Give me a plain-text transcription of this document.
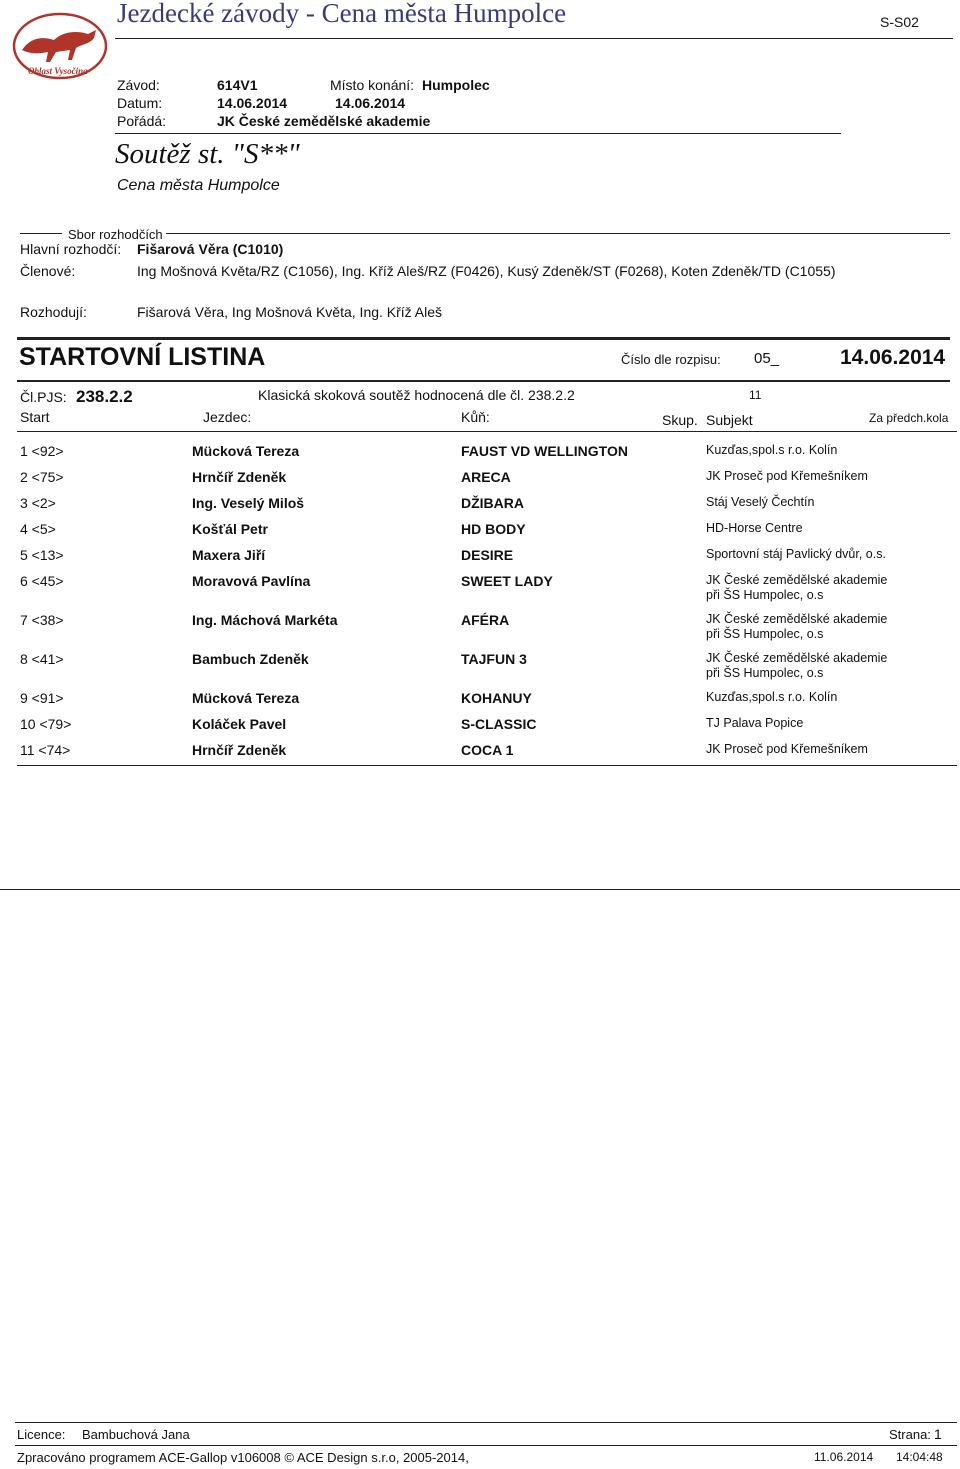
Oblast Vysočina
Jezdecké závody - Cena města Humpolce	S-S02
Závod:	614V1	Místo konání: Humpolec
Datum:	14.06.2014	14.06.2014
Pořádá:	JK České zemědělské akademie
Soutěž st. "S**"
Cena města Humpolce
Sbor rozhodčích
Hlavní rozhodčí: Fišarová Věra (C1010)
Členové:	Ing Mošnová Květa/RZ (C1056), Ing. Kříž Aleš/RZ (F0426), Kusý Zdeněk/ST (F0268), Koten Zdeněk/TD (C1055)
Rozhodují:	Fišarová Věra, Ing Mošnová Květa, Ing. Kříž Aleš
STARTOVNÍ LISTINA	Číslo dle rozpisu: 05_	14.06.2014
Čl.PJS: 238.2.2	Klasická skoková soutěž hodnocená dle čl. 238.2.2	11
Start	Jezdec:	Kůň:	Skup. Subjekt	Za předch.kola
1 <92>	Mücková Tereza	FAUST VD WELLINGTON	Kuzďas,spol.s r.o. Kolín
2 <75>	Hrnčíř Zdeněk	ARECA	JK Proseč pod Křemešníkem
3 <2>	Ing. Veselý Miloš	DŽIBARA	Stáj Veselý Čechtín
4 <5>	Košťál Petr	HD BODY	HD-Horse Centre
5 <13>	Maxera Jiří	DESIRE	Sportovní stáj Pavlický dvůr, o.s.
6 <45>	Moravová Pavlína	SWEET LADY	JK České zemědělské akademie
při ŠS Humpolec, o.s
7 <38>	Ing. Máchová Markéta	AFÉRA	JK České zemědělské akademie
při ŠS Humpolec, o.s
8 <41>	Bambuch Zdeněk	TAJFUN 3	JK České zemědělské akademie
při ŠS Humpolec, o.s
9 <91>	Mücková Tereza	KOHANUY	Kuzďas,spol.s r.o. Kolín
10 <79>	Koláček Pavel	S-CLASSIC	TJ Palava Popice
11 <74>	Hrnčíř Zdeněk	COCA 1	JK Proseč pod Křemešníkem
Licence: Bambuchová Jana	Strana: 1
Zpracováno programem ACE-Gallop v106008 © ACE Design s.r.o, 2005-2014,	11.06.2014 14:04:48
